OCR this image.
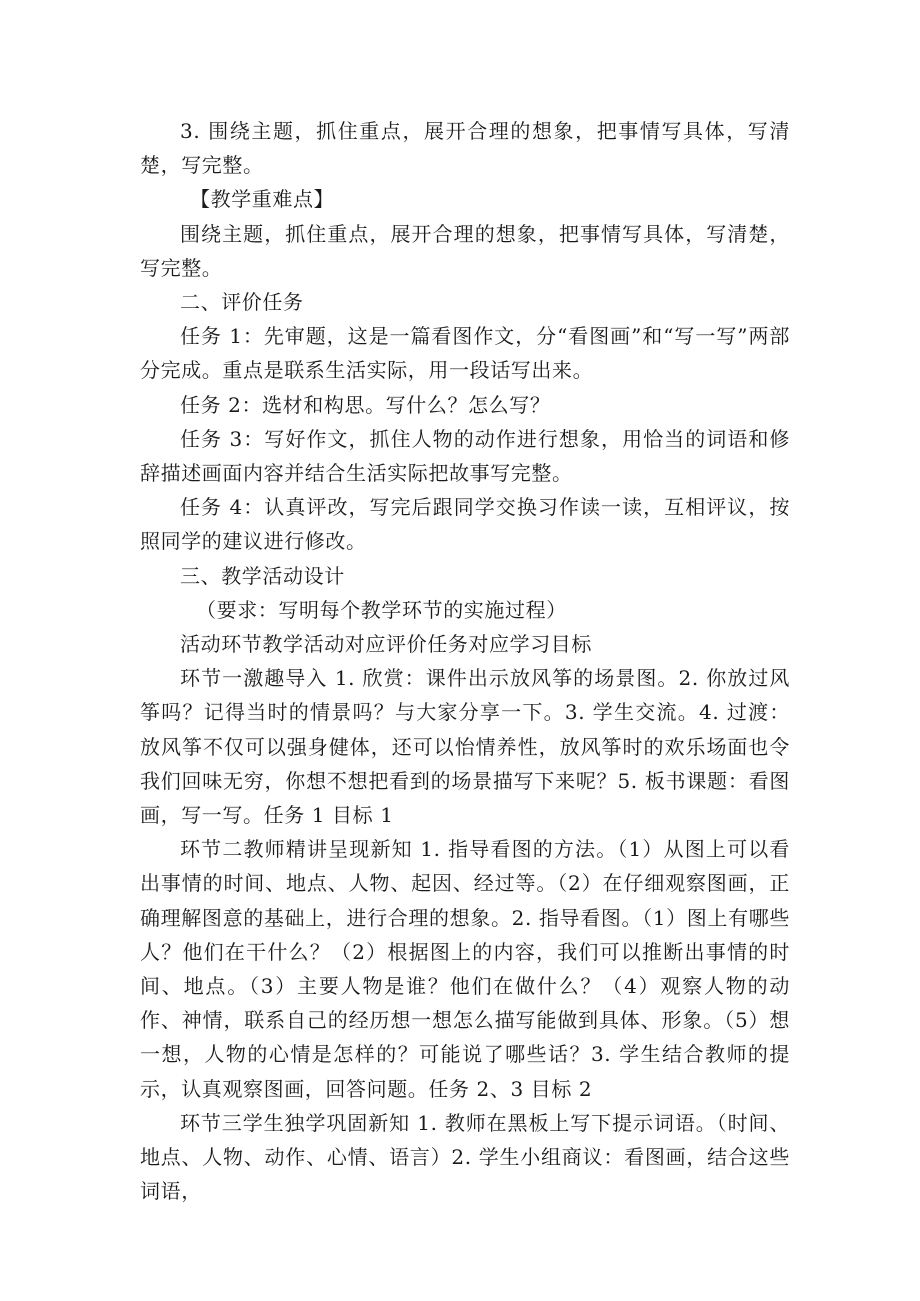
3. 围绕主题，抓住重点，展开合理的想象，把事情写具体，写清楚，写完整。

【教学重难点】

围绕主题，抓住重点，展开合理的想象，把事情写具体，写清楚，写完整。

二、评价任务

任务 1：先审题，这是一篇看图作文，分“看图画”和“写一写”两部分完成。重点是联系生活实际，用一段话写出来。

任务 2：选材和构思。写什么？怎么写？

任务 3：写好作文，抓住人物的动作进行想象，用恰当的词语和修辞描述画面内容并结合生活实际把故事写完整。

任务 4：认真评改，写完后跟同学交换习作读一读，互相评议，按照同学的建议进行修改。

三、教学活动设计

（要求：写明每个教学环节的实施过程）

活动环节教学活动对应评价任务对应学习目标

环节一激趣导入 1. 欣赏：课件出示放风筝的场景图。2. 你放过风筝吗？记得当时的情景吗？与大家分享一下。3. 学生交流。4. 过渡：放风筝不仅可以强身健体，还可以怡情养性，放风筝时的欢乐场面也令我们回味无穷，你想不想把看到的场景描写下来呢？5. 板书课题：看图画，写一写。任务 1 目标 1

环节二教师精讲呈现新知 1. 指导看图的方法。（1）从图上可以看出事情的时间、地点、人物、起因、经过等。（2）在仔细观察图画，正确理解图意的基础上，进行合理的想象。2. 指导看图。（1）图上有哪些人？他们在干什么？（2）根据图上的内容，我们可以推断出事情的时间、地点。（3）主要人物是谁？他们在做什么？（4）观察人物的动作、神情，联系自己的经历想一想怎么描写能做到具体、形象。（5）想一想，人物的心情是怎样的？可能说了哪些话？3. 学生结合教师的提示，认真观察图画，回答问题。任务 2、3 目标 2

环节三学生独学巩固新知 1. 教师在黑板上写下提示词语。（时间、地点、人物、动作、心情、语言）2. 学生小组商议：看图画，结合这些词语，
